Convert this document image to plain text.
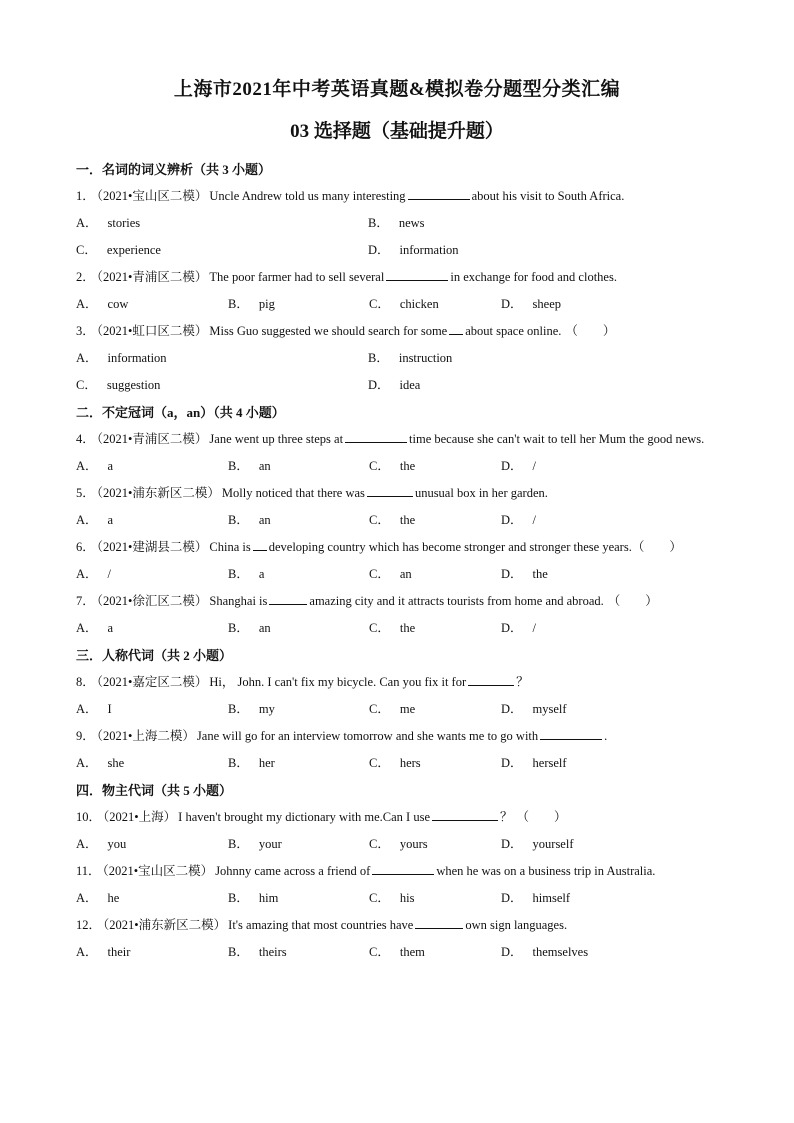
上海市2021年中考英语真题&模拟卷分题型分类汇编
03 选择题（基础提升题）
一．名词的词义辨析（共 3 小题）
1． （2021•宝山区二模） Uncle Andrew told us many interesting	about his visit to South Africa.
A． stories	B． news
C． experience	D． information
2． （2021•青浦区二模） The poor farmer had to sell several	in exchange for food and clothes.
A． cow	B． pig	C． chicken	D． sheep
3． （2021•虹口区二模） Miss Guo suggested we should search for some about space online. （　　）
A． information	B． instruction
C． suggestion	D． idea
二．不定冠词（a，an）（共 4 小题）
4． （2021•青浦区二模） Jane went up three steps at	time because she can't wait to tell her Mum the good news.
A． a	B． an	C． the	D． /
5． （2021•浦东新区二模） Molly noticed that there was	unusual box in her garden.
A． a	B． an	C． the	D． /
6． （2021•建湖县二模） China is developing country which has become stronger and stronger these years.（　　）
A． /	B． a	C． an	D． the
7． （2021•徐汇区二模） Shanghai is	amazing city and it attracts tourists from home and abroad. （　　）
A． a	B． an	C． the	D． /
三．人称代词（共 2 小题）
8． （2021•嘉定区二模） Hi， John. I can't fix my bicycle. Can you fix it for	？
A． I	B． my	C． me	D． myself
9． （2021•上海二模） Jane will go for an interview tomorrow and she wants me to go with	.
A． she	B． her	C． hers	D． herself
四．物主代词（共 5 小题）
10． （2021•上海） I haven't brought my dictionary with me.Can I use	？ （　　）
A． you	B． your	C． yours	D． yourself
11． （2021•宝山区二模） Johnny came across a friend of	when he was on a business trip in Australia.
A． he	B． him	C． his	D． himself
12． （2021•浦东新区二模） It's amazing that most countries have	own sign languages.
A． their	B． theirs	C． them	D． themselves
